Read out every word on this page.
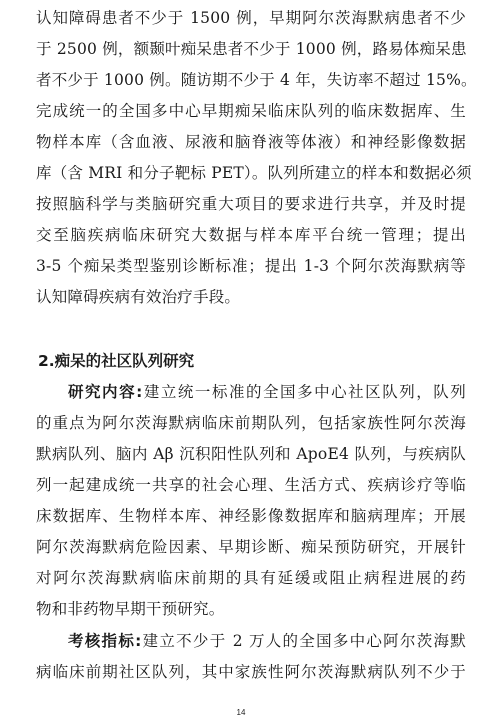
认知障碍患者不少于 1500 例，早期阿尔茨海默病患者不少
于 2500 例，额颞叶痴呆患者不少于 1000 例，路易体痴呆患
者不少于 1000 例。随访期不少于 4 年，失访率不超过 15%。
完成统一的全国多中心早期痴呆临床队列的临床数据库、生
物样本库（含血液、尿液和脑脊液等体液）和神经影像数据
库（含 MRI 和分子靶标 PET）。队列所建立的样本和数据必须
按照脑科学与类脑研究重大项目的要求进行共享，并及时提
交至脑疾病临床研究大数据与样本库平台统一管理；提出
3-5 个痴呆类型鉴别诊断标准；提出 1-3 个阿尔茨海默病等
认知障碍疾病有效治疗手段。
2.痴呆的社区队列研究
研究内容:建立统一标准的全国多中心社区队列，队列
的重点为阿尔茨海默病临床前期队列，包括家族性阿尔茨海
默病队列、脑内 Aβ 沉积阳性队列和 ApoE4 队列，与疾病队
列一起建成统一共享的社会心理、生活方式、疾病诊疗等临
床数据库、生物样本库、神经影像数据库和脑病理库；开展
阿尔茨海默病危险因素、早期诊断、痴呆预防研究，开展针
对阿尔茨海默病临床前期的具有延缓或阻止病程进展的药
物和非药物早期干预研究。
考核指标:建立不少于 2 万人的全国多中心阿尔茨海默
病临床前期社区队列，其中家族性阿尔茨海默病队列不少于
14
